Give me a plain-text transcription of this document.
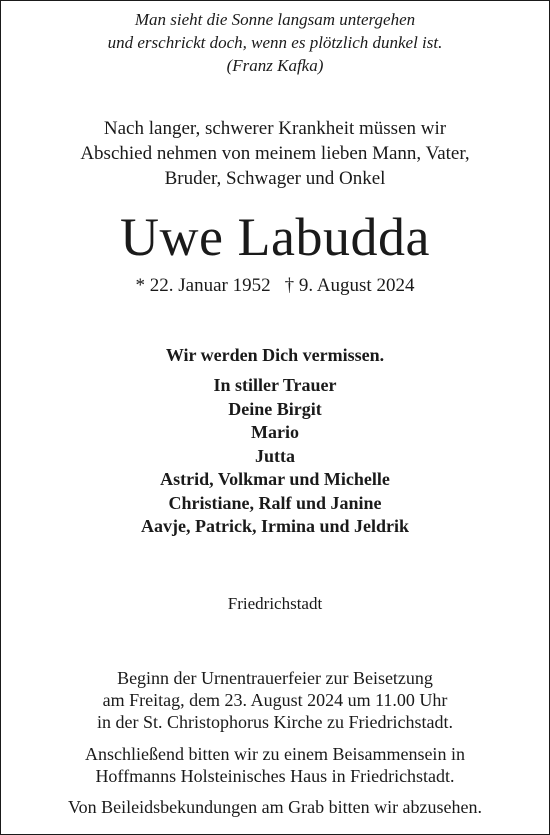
Man sieht die Sonne langsam untergehen
und erschrickt doch, wenn es plötzlich dunkel ist.
(Franz Kafka)
Nach langer, schwerer Krankheit müssen wir
Abschied nehmen von meinem lieben Mann, Vater,
Bruder, Schwager und Onkel
Uwe Labudda
* 22. Januar 1952 † 9. August 2024
Wir werden Dich vermissen.
In stiller Trauer
Deine Birgit
Mario
Jutta
Astrid, Volkmar und Michelle
Christiane, Ralf und Janine
Aavje, Patrick, Irmina und Jeldrik
Friedrichstadt
Beginn der Urnentrauerfeier zur Beisetzung
am Freitag, dem 23. August 2024 um 11.00 Uhr
in der St. Christophorus Kirche zu Friedrichstadt.
Anschließend bitten wir zu einem Beisammensein in
Hoffmanns Holsteinisches Haus in Friedrichstadt.
Von Beileidsbekundungen am Grab bitten wir abzusehen.
